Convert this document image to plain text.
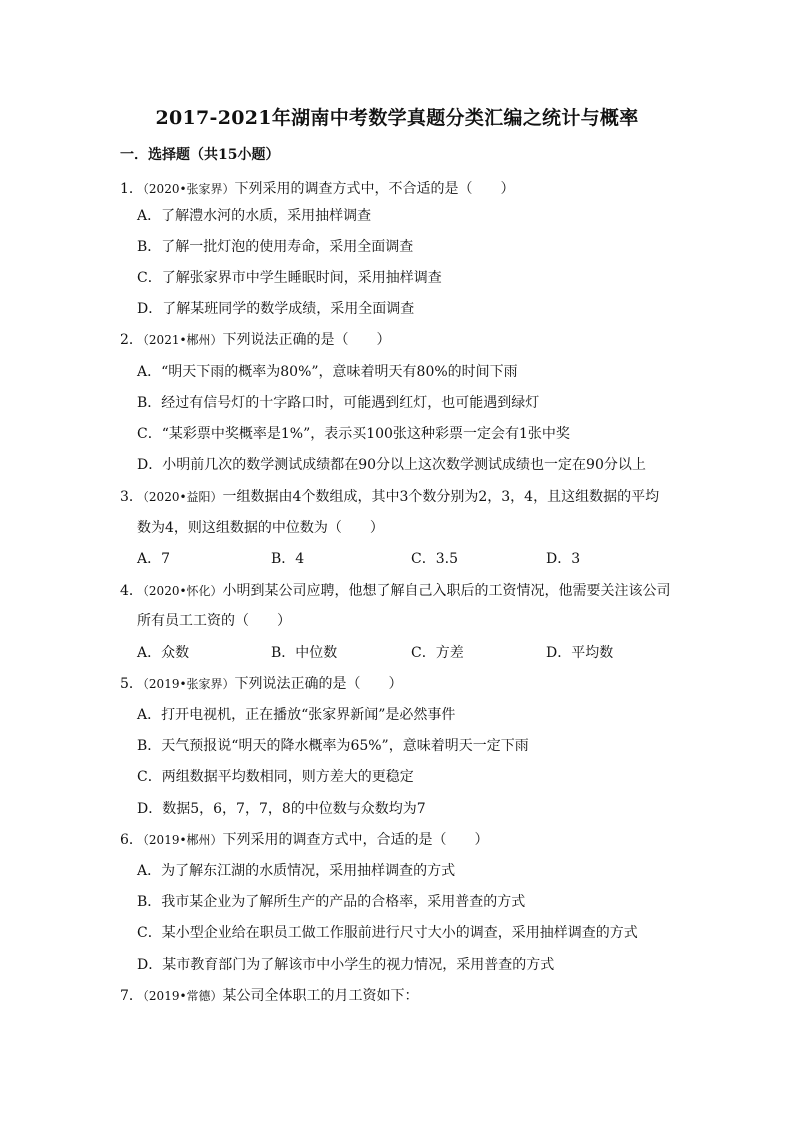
2017-2021年湖南中考数学真题分类汇编之统计与概率
一．选择题（共15小题）
1．（2020•张家界）下列采用的调查方式中，不合适的是（　　）
A．了解澧水河的水质，采用抽样调查
B．了解一批灯泡的使用寿命，采用全面调查
C．了解张家界市中学生睡眠时间，采用抽样调查
D．了解某班同学的数学成绩，采用全面调查
2．（2021•郴州）下列说法正确的是（　　）
A．“明天下雨的概率为80%”，意味着明天有80%的时间下雨
B．经过有信号灯的十字路口时，可能遇到红灯，也可能遇到绿灯
C．“某彩票中奖概率是1%”，表示买100张这种彩票一定会有1张中奖
D．小明前几次的数学测试成绩都在90分以上这次数学测试成绩也一定在90分以上
3．（2020•益阳）一组数据由4个数组成，其中3个数分别为2，3，4，且这组数据的平均
数为4，则这组数据的中位数为（　　）
A．7	B．4	C．3.5	D．3
4．（2020•怀化）小明到某公司应聘，他想了解自己入职后的工资情况，他需要关注该公司
所有员工工资的（　　）
A．众数	B．中位数	C．方差	D．平均数
5．（2019•张家界）下列说法正确的是（　　）
A．打开电视机，正在播放“张家界新闻”是必然事件
B．天气预报说“明天的降水概率为65%”，意味着明天一定下雨
C．两组数据平均数相同，则方差大的更稳定
D．数据5，6，7，7，8的中位数与众数均为7
6．（2019•郴州）下列采用的调查方式中，合适的是（　　）
A．为了解东江湖的水质情况，采用抽样调查的方式
B．我市某企业为了解所生产的产品的合格率，采用普查的方式
C．某小型企业给在职员工做工作服前进行尺寸大小的调查，采用抽样调查的方式
D．某市教育部门为了解该市中小学生的视力情况，采用普查的方式
7．（2019•常德）某公司全体职工的月工资如下：
